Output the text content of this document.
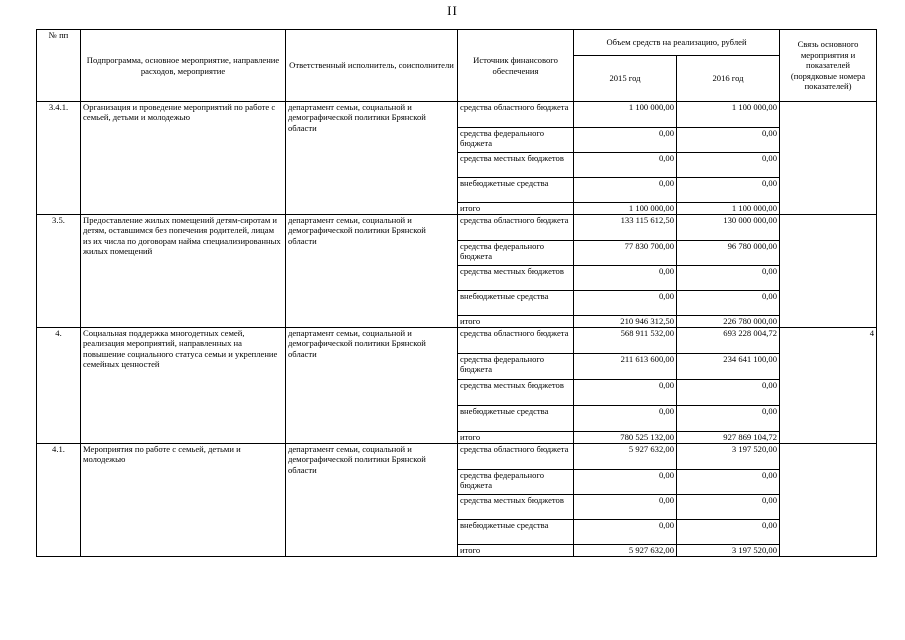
II
№ пп	Подпрограмма, основное мероприятие, направление расходов, мероприятие	Ответственный исполнитель, соисполнители	Источник финансового обеспечения	Объем средств на реализацию, рублей		Связь основного мероприятия и показателей (порядковые номера показателей)
				2015 год	2016 год	
3.4.1.	Организация и проведение мероприятий по работе с семьей, детьми и молодежью	департамент семьи, социальной и демографической политики Брянской области	средства областного бюджета	1 100 000,00	1 100 000,00	
			средства федерального бюджета	0,00	0,00	
			средства местных бюджетов	0,00	0,00	
			внебюджетные средства	0,00	0,00	
			итого	1 100 000,00	1 100 000,00	
3.5.	Предоставление жилых помещений детям-сиротам и детям, оставшимся без попечения родителей, лицам из их числа по договорам найма специализированных жилых помещений	департамент семьи, социальной и демографической политики Брянской области	средства областного бюджета	133 115 612,50	130 000 000,00	
			средства федерального бюджета	77 830 700,00	96 780 000,00	
			средства местных бюджетов	0,00	0,00	
			внебюджетные средства	0,00	0,00	
			итого	210 946 312,50	226 780 000,00	
4.	Социальная поддержка многодетных семей, реализация мероприятий, направленных на повышение социального статуса семьи и укрепление семейных ценностей	департамент семьи, социальной и демографической политики Брянской области	средства областного бюджета	568 911 532,00	693 228 004,72	4
			средства федерального бюджета	211 613 600,00	234 641 100,00	
			средства местных бюджетов	0,00	0,00	
			внебюджетные средства	0,00	0,00	
			итого	780 525 132,00	927 869 104,72	
4.1.	Мероприятия по работе с семьей, детьми и молодежью	департамент семьи, социальной и демографической политики Брянской области	средства областного бюджета	5 927 632,00	3 197 520,00	
			средства федерального бюджета	0,00	0,00	
			средства местных бюджетов	0,00	0,00	
			внебюджетные средства	0,00	0,00	
			итого	5 927 632,00	3 197 520,00	
